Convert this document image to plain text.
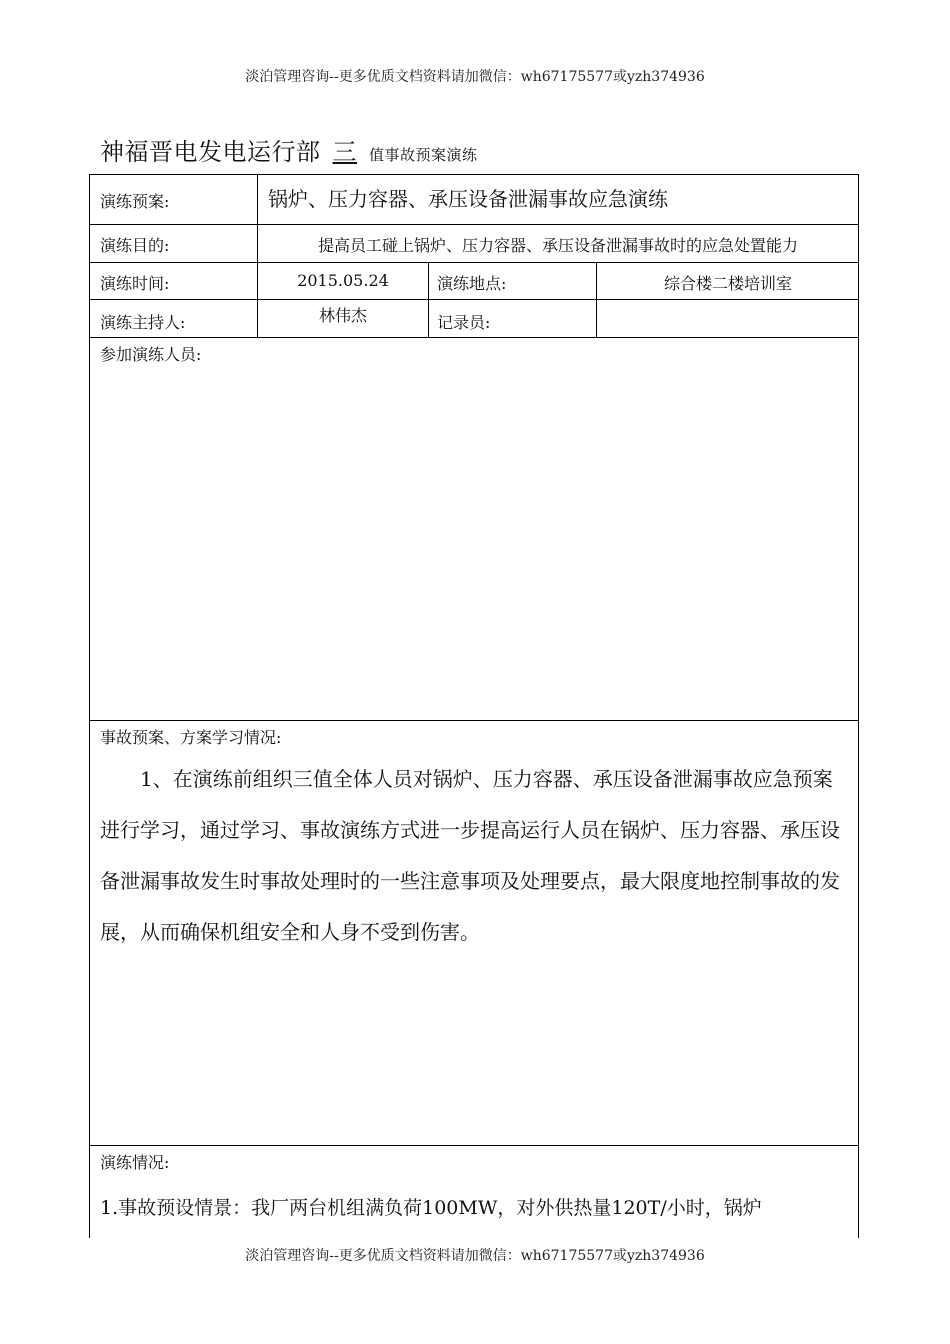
淡泊管理咨询--更多优质文档资料请加微信：wh67175577或yzh374936
神福晋电发电运行部 三 值事故预案演练
演练预案:	锅炉、压力容器、承压设备泄漏事故应急演练
演练目的:	提高员工碰上锅炉、压力容器、承压设备泄漏事故时的应急处置能力
演练时间:	2015.05.24	演练地点:	综合楼二楼培训室
演练主持人:	林伟杰	记录员:
参加演练人员:
事故预案、方案学习情况:

1、在演练前组织三值全体人员对锅炉、压力容器、承压设备泄漏事故应急预案进行学习，通过学习、事故演练方式进一步提高运行人员在锅炉、压力容器、承压设备泄漏事故发生时事故处理时的一些注意事项及处理要点，最大限度地控制事故的发展，从而确保机组安全和人身不受到伤害。

演练情况:
1.事故预设情景：我厂两台机组满负荷100MW，对外供热量120T/小时，锅炉
淡泊管理咨询--更多优质文档资料请加微信：wh67175577或yzh374936
